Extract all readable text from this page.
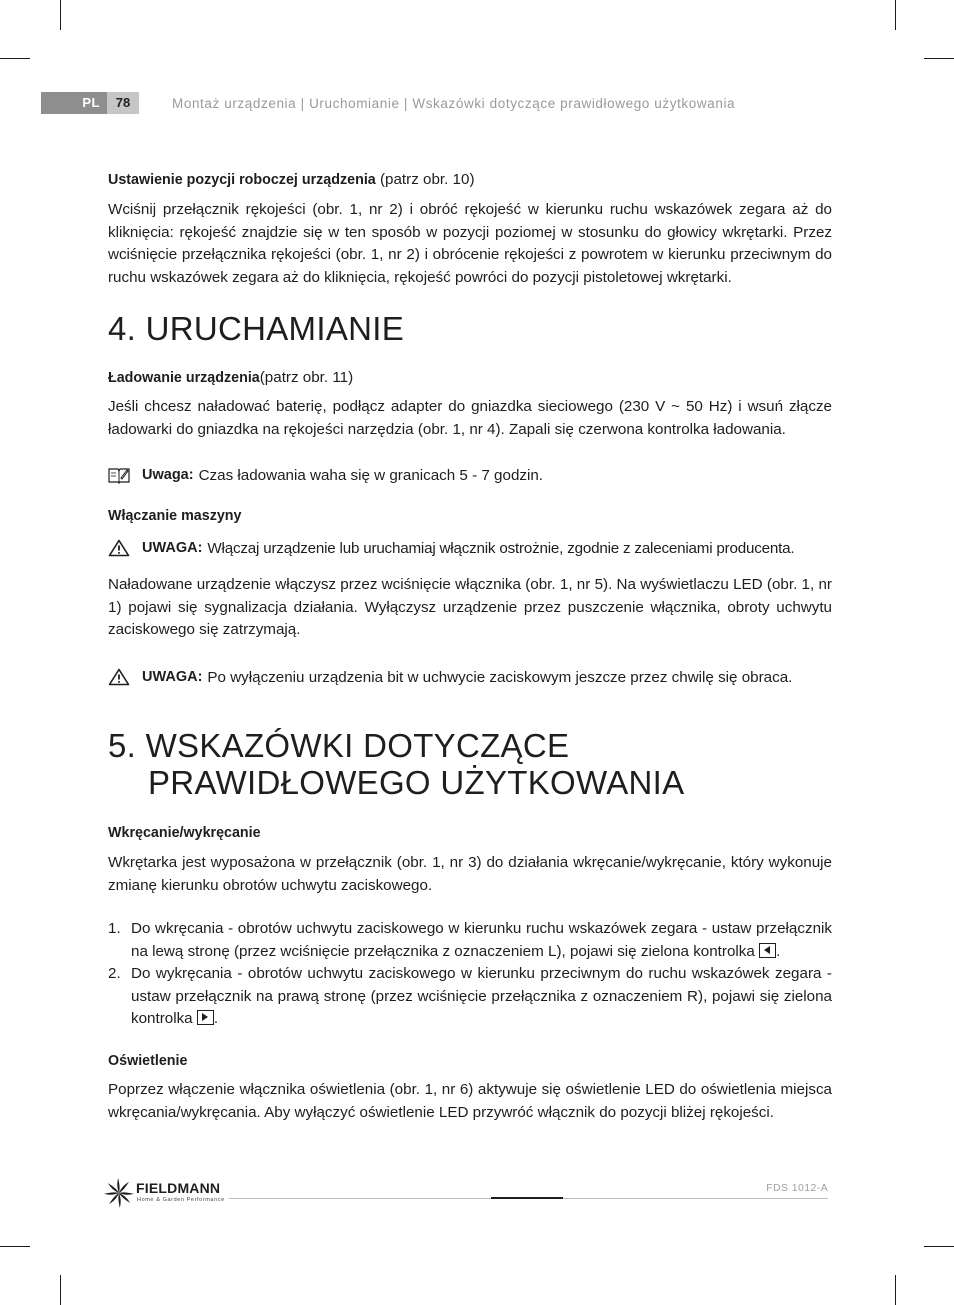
PL	78	Montaż urządzenia | Uruchomianie | Wskazówki dotyczące prawidłowego użytkowania
Ustawienie pozycji roboczej urządzenia (patrz obr. 10)

Wciśnij przełącznik rękojeści (obr. 1, nr 2) i obróć rękojeść w kierunku ruchu wskazówek zegara aż do kliknięcia: rękojeść znajdzie się w ten sposób w pozycji poziomej w stosunku do głowicy wkrętarki. Przez wciśnięcie przełącznika rękojeści (obr. 1, nr 2) i obrócenie rękojeści z powrotem w kierunku przeciwnym do ruchu wskazówek zegara aż do kliknięcia, rękojeść powróci do pozycji pistoletowej wkrętarki.

4. URUCHAMIANIE
Ładowanie urządzenia(patrz obr. 11)

Jeśli chcesz naładować baterię, podłącz adapter do gniazdka sieciowego (230 V ~ 50 Hz) i wsuń złącze ładowarki do gniazdka na rękojeści narzędzia (obr. 1, nr 4). Zapali się czerwona kontrolka ładowania.

Uwaga: Czas ładowania waha się w granicach 5 - 7 godzin.
Włączanie maszyny
UWAGA: Włączaj urządzenie lub uruchamiaj włącznik ostrożnie, zgodnie z zaleceniami producenta.

Naładowane urządzenie włączysz przez wciśnięcie włącznika (obr. 1, nr 5). Na wyświetlaczu LED (obr. 1, nr 1) pojawi się sygnalizacja działania. Wyłączysz urządzenie przez puszczenie włącznika, obroty uchwytu zaciskowego się zatrzymają.

UWAGA: Po wyłączeniu urządzenia bit w uchwycie zaciskowym jeszcze przez chwilę się obraca.
5. WSKAZÓWKI DOTYCZĄCE
PRAWIDŁOWEGO UŻYTKOWANIA
Wkręcanie/wykręcanie

Wkrętarka jest wyposażona w przełącznik (obr. 1, nr 3) do działania wkręcanie/wykręcanie, który wykonuje zmianę kierunku obrotów uchwytu zaciskowego.

1. Do wkręcania - obrotów uchwytu zaciskowego w kierunku ruchu wskazówek zegara - ustaw przełącznik na lewą stronę (przez wciśnięcie przełącznika z oznaczeniem L), pojawi się zielona kontrolka .
2. Do wykręcania - obrotów uchwytu zaciskowego w kierunku przeciwnym do ruchu wskazówek zegara - ustaw przełącznik na prawą stronę (przez wciśnięcie przełącznika z oznaczeniem R), pojawi się zielona kontrolka .
Oświetlenie

Poprzez włączenie włącznika oświetlenia (obr. 1, nr 6) aktywuje się oświetlenie LED do oświetlenia miejsca wkręcania/wykręcania. Aby wyłączyć oświetlenie LED przywróć włącznik do pozycji bliżej rękojeści.

FIELDMANN
Home & Garden Performance
FDS 1012-A
